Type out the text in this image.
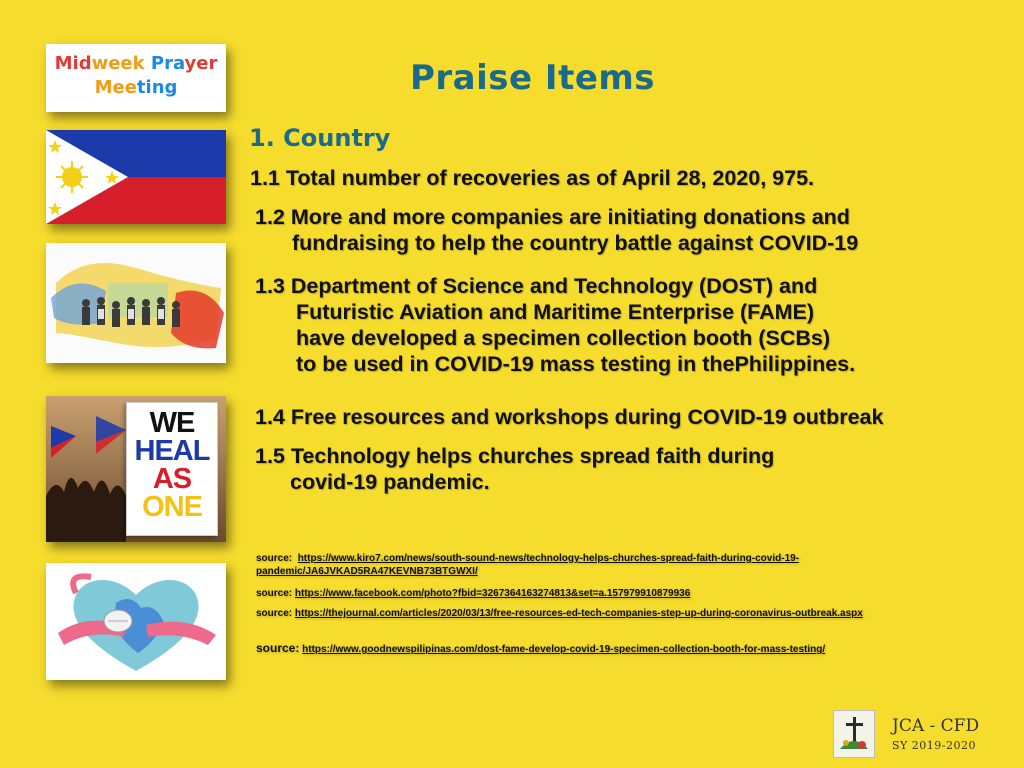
Midweek Prayer
Meeting
WE
HEAL
AS
ONE
Praise Items
1. Country
1.1 Total number of recoveries as of April 28, 2020, 975.
1.2 More and more companies are initiating donations and
fundraising to help the country battle against COVID-19
1.3 Department of Science and Technology (DOST) and
Futuristic Aviation and Maritime Enterprise (FAME)
have developed a specimen collection booth (SCBs)
to be used in COVID-19 mass testing in thePhilippines.
1.4 Free resources and workshops during COVID-19 outbreak
1.5 Technology helps churches spread faith during
covid-19 pandemic.
source: https://www.kiro7.com/news/south-sound-news/technology-helps-churches-spread-faith-during-covid-19-pandemic/JA6JVKAD5RA47KEVNB73BTGWXI/
source: https://www.facebook.com/photo?fbid=3267364163274813&set=a.157979910879936
source: https://thejournal.com/articles/2020/03/13/free-resources-ed-tech-companies-step-up-during-coronavirus-outbreak.aspx
source: https://www.goodnewspilipinas.com/dost-fame-develop-covid-19-specimen-collection-booth-for-mass-testing/
JCA - CFD
SY 2019-2020
